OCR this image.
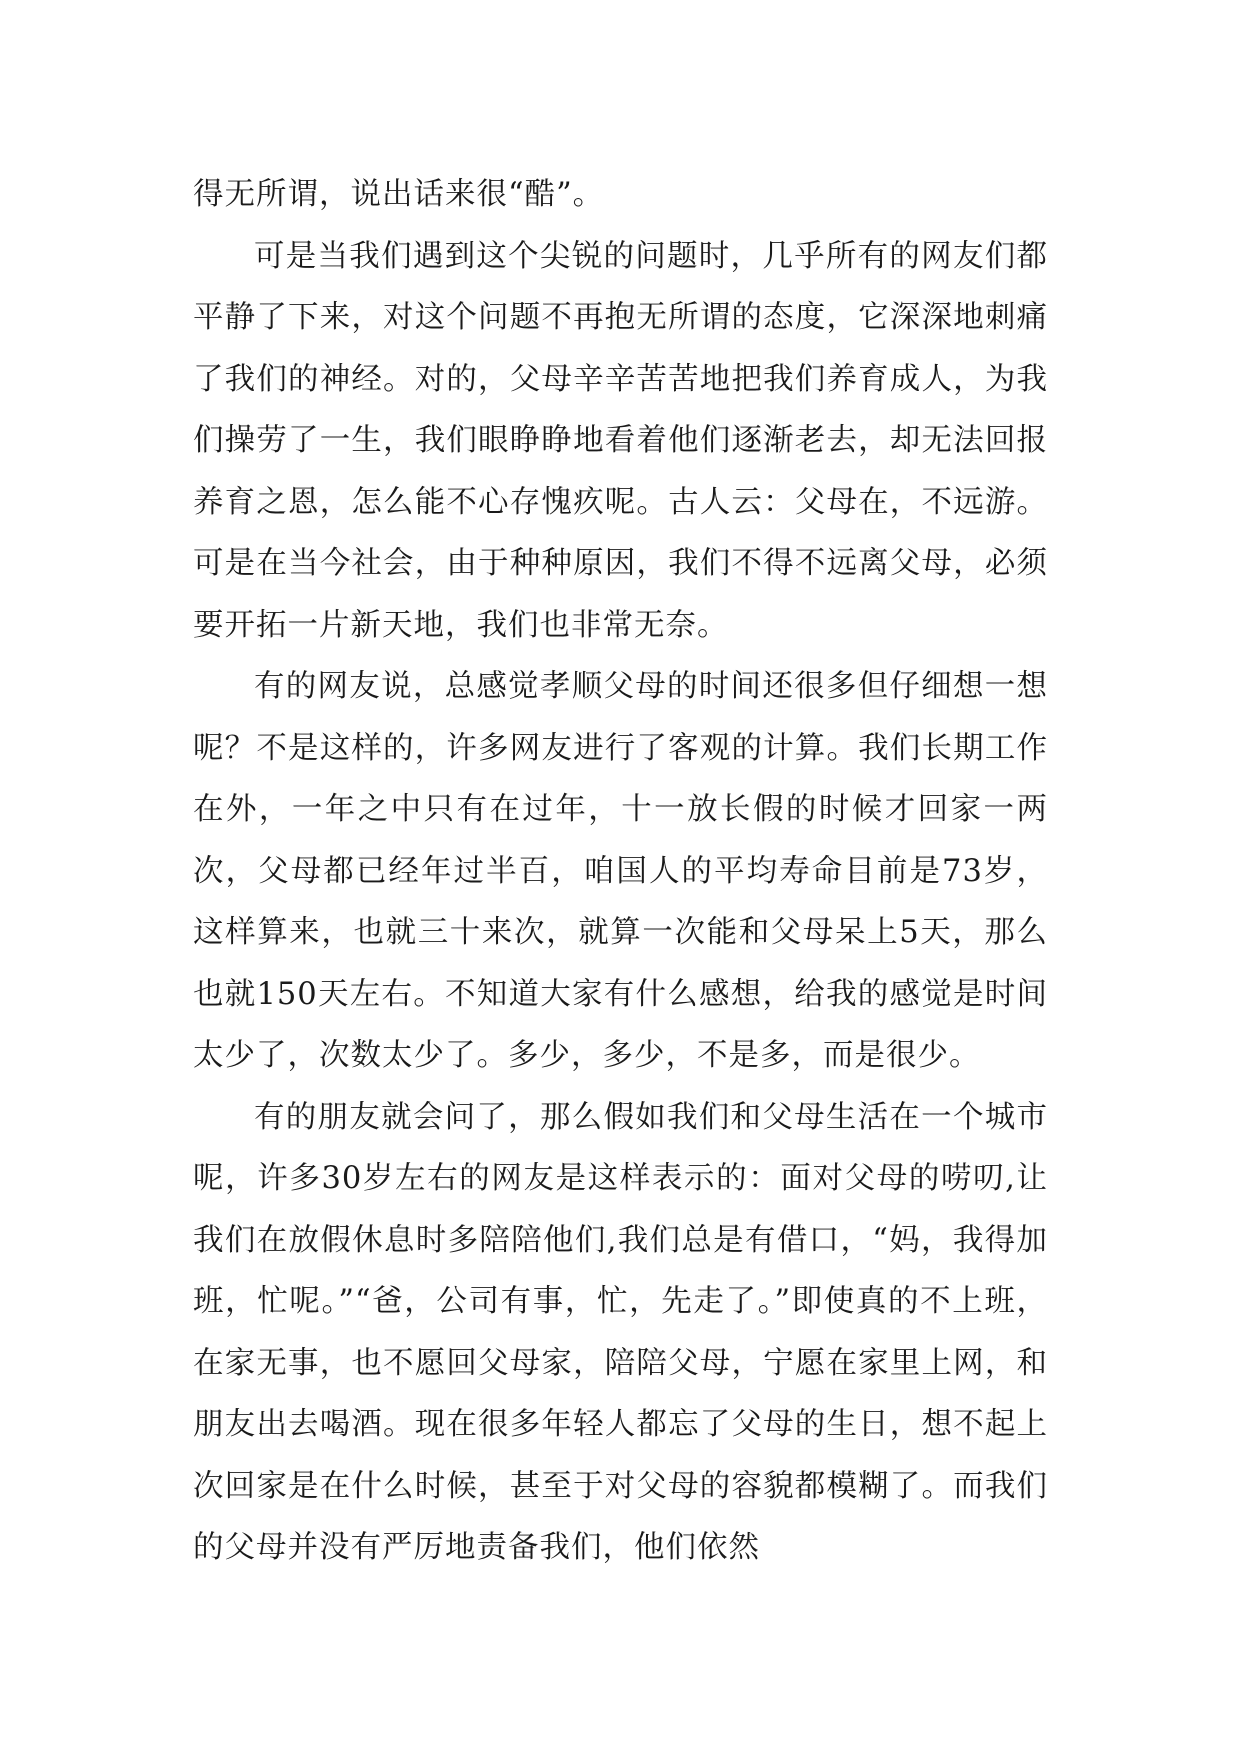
得无所谓，说出话来很“酷”。

可是当我们遇到这个尖锐的问题时，几乎所有的网友们都平静了下来，对这个问题不再抱无所谓的态度，它深深地刺痛了我们的神经。对的，父母辛辛苦苦地把我们养育成人，为我们操劳了一生，我们眼睁睁地看着他们逐渐老去，却无法回报养育之恩，怎么能不心存愧疚呢。古人云：父母在，不远游。可是在当今社会，由于种种原因，我们不得不远离父母，必须要开拓一片新天地，我们也非常无奈。

有的网友说，总感觉孝顺父母的时间还很多但仔细想一想呢？不是这样的，许多网友进行了客观的计算。我们长期工作在外，一年之中只有在过年，十一放长假的时候才回家一两次，父母都已经年过半百，咱国人的平均寿命目前是73岁，这样算来，也就三十来次，就算一次能和父母呆上5天，那么也就150天左右。不知道大家有什么感想，给我的感觉是时间太少了，次数太少了。多少，多少，不是多，而是很少。

有的朋友就会问了，那么假如我们和父母生活在一个城市呢，许多30岁左右的网友是这样表示的：面对父母的唠叨,让我们在放假休息时多陪陪他们,我们总是有借口，“妈，我得加班，忙呢。”“爸，公司有事，忙，先走了。”即使真的不上班，在家无事，也不愿回父母家，陪陪父母，宁愿在家里上网，和朋友出去喝酒。现在很多年轻人都忘了父母的生日，想不起上次回家是在什么时候，甚至于对父母的容貌都模糊了。而我们的父母并没有严厉地责备我们，他们依然
